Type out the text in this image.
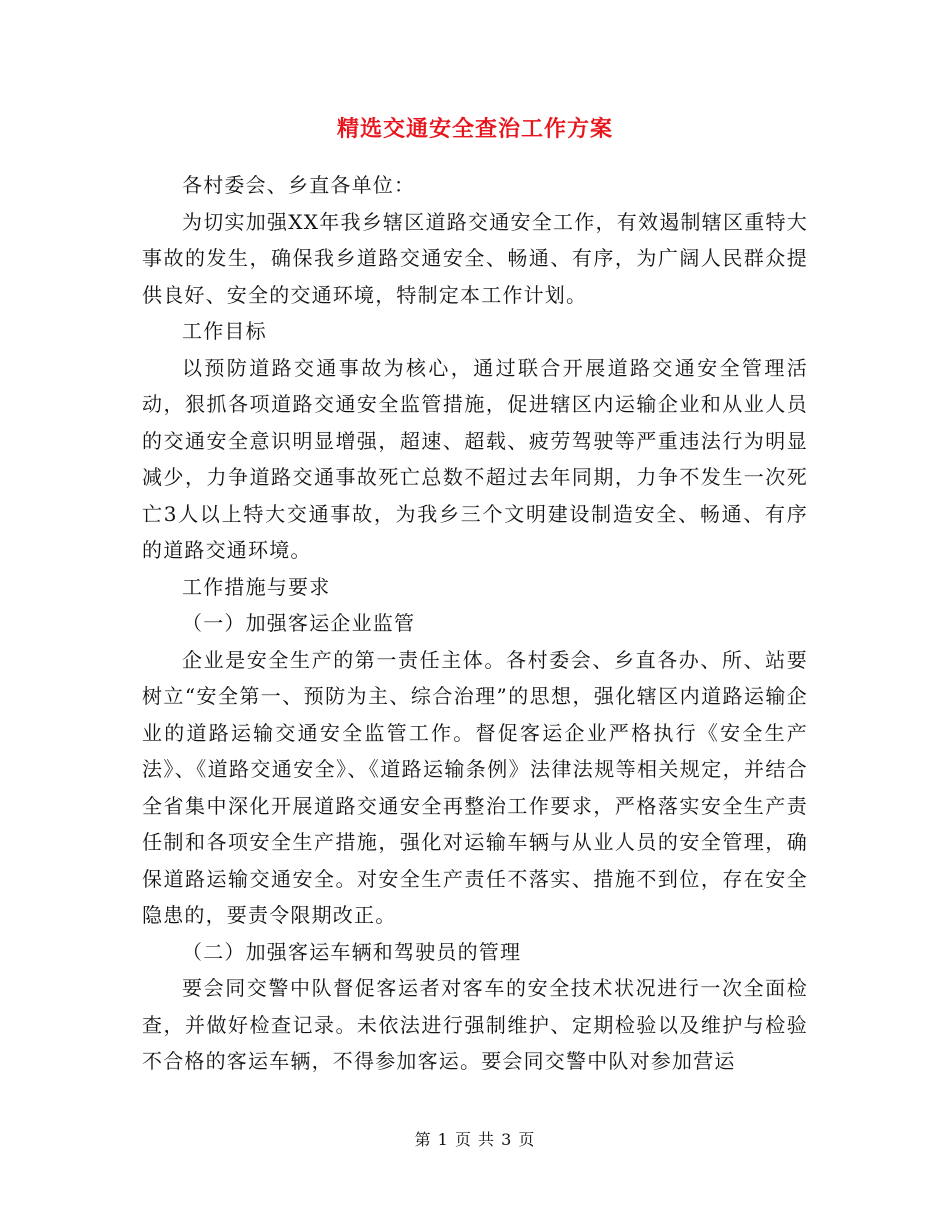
精选交通安全查治工作方案

各村委会、乡直各单位：

为切实加强XX年我乡辖区道路交通安全工作，有效遏制辖区重特大事故的发生，确保我乡道路交通安全、畅通、有序，为广阔人民群众提供良好、安全的交通环境，特制定本工作计划。

工作目标

以预防道路交通事故为核心，通过联合开展道路交通安全管理活动，狠抓各项道路交通安全监管措施，促进辖区内运输企业和从业人员的交通安全意识明显增强，超速、超载、疲劳驾驶等严重违法行为明显减少，力争道路交通事故死亡总数不超过去年同期，力争不发生一次死亡3人以上特大交通事故，为我乡三个文明建设制造安全、畅通、有序的道路交通环境。

工作措施与要求

（一）加强客运企业监管

企业是安全生产的第一责任主体。各村委会、乡直各办、所、站要树立“安全第一、预防为主、综合治理”的思想，强化辖区内道路运输企业的道路运输交通安全监管工作。督促客运企业严格执行《安全生产法》、《道路交通安全》、《道路运输条例》法律法规等相关规定，并结合全省集中深化开展道路交通安全再整治工作要求，严格落实安全生产责任制和各项安全生产措施，强化对运输车辆与从业人员的安全管理，确保道路运输交通安全。对安全生产责任不落实、措施不到位，存在安全隐患的，要责令限期改正。

（二）加强客运车辆和驾驶员的管理

要会同交警中队督促客运者对客车的安全技术状况进行一次全面检查，并做好检查记录。未依法进行强制维护、定期检验以及维护与检验不合格的客运车辆，不得参加客运。要会同交警中队对参加营运

第 1 页 共 3 页
